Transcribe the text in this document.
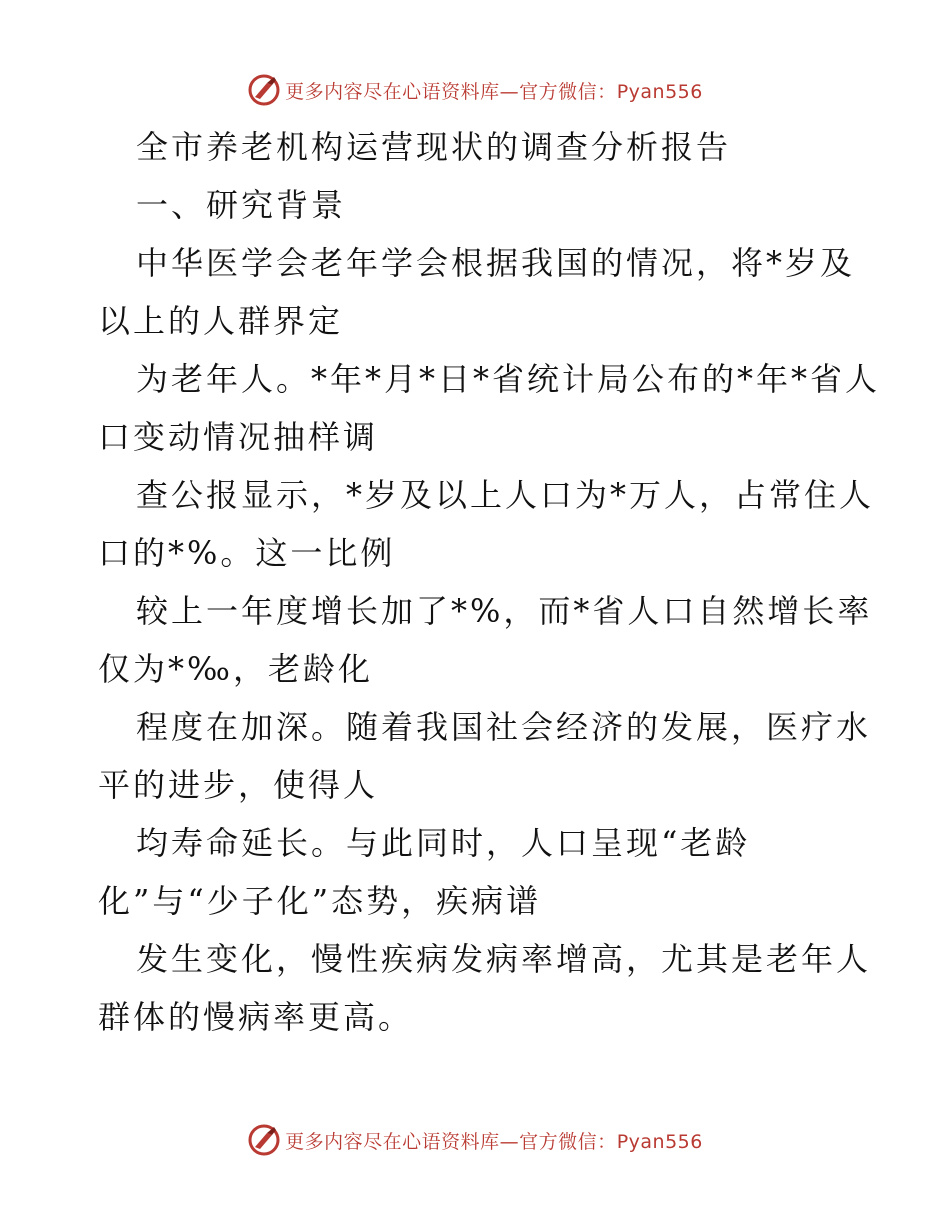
更多内容尽在心语资料库—官方微信：Pyan556
全市养老机构运营现状的调查分析报告
一、研究背景
中华医学会老年学会根据我国的情况，将*岁及
以上的人群界定
为老年人。*年*月*日*省统计局公布的*年*省人
口变动情况抽样调
查公报显示，*岁及以上人口为*万人，占常住人
口的*%。这一比例
较上一年度增长加了*%，而*省人口自然增长率
仅为*‰，老龄化
程度在加深。随着我国社会经济的发展，医疗水
平的进步，使得人
均寿命延长。与此同时，人口呈现“老龄
化”与“少子化”态势，疾病谱
发生变化，慢性疾病发病率增高，尤其是老年人
群体的慢病率更高。
更多内容尽在心语资料库—官方微信：Pyan556
